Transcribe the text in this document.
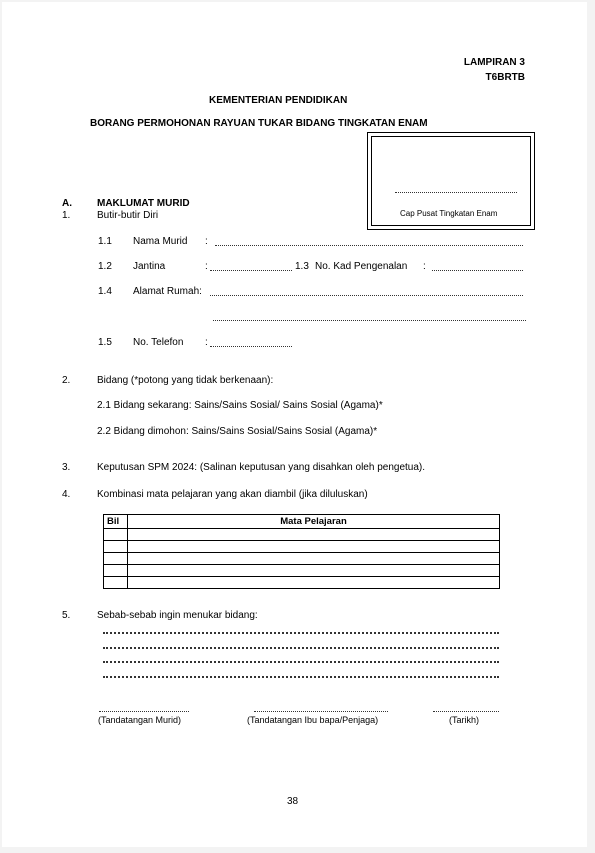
LAMPIRAN 3
T6BRTB
KEMENTERIAN PENDIDIKAN
BORANG PERMOHONAN RAYUAN TUKAR BIDANG TINGKATAN ENAM
Cap Pusat Tingkatan Enam
A.	MAKLUMAT MURID
1.	Butir-butir Diri
1.1 Nama Murid :
1.2 Jantina	:	1.3 No. Kad Pengenalan :
1.4 Alamat Rumah:
1.5 No. Telefon :
2.	Bidang (*potong yang tidak berkenaan):
2.1 Bidang sekarang: Sains/Sains Sosial/ Sains Sosial (Agama)*
2.2 Bidang dimohon: Sains/Sains Sosial/Sains Sosial (Agama)*
3.	Keputusan SPM 2024: (Salinan keputusan yang disahkan oleh pengetua).
4.	Kombinasi mata pelajaran yang akan diambil (jika diluluskan)
Bil	Mata Pelajaran

5.	Sebab-sebab ingin menukar bidang:
(Tandatangan Murid)	(Tandatangan Ibu bapa/Penjaga)	(Tarikh)
38
